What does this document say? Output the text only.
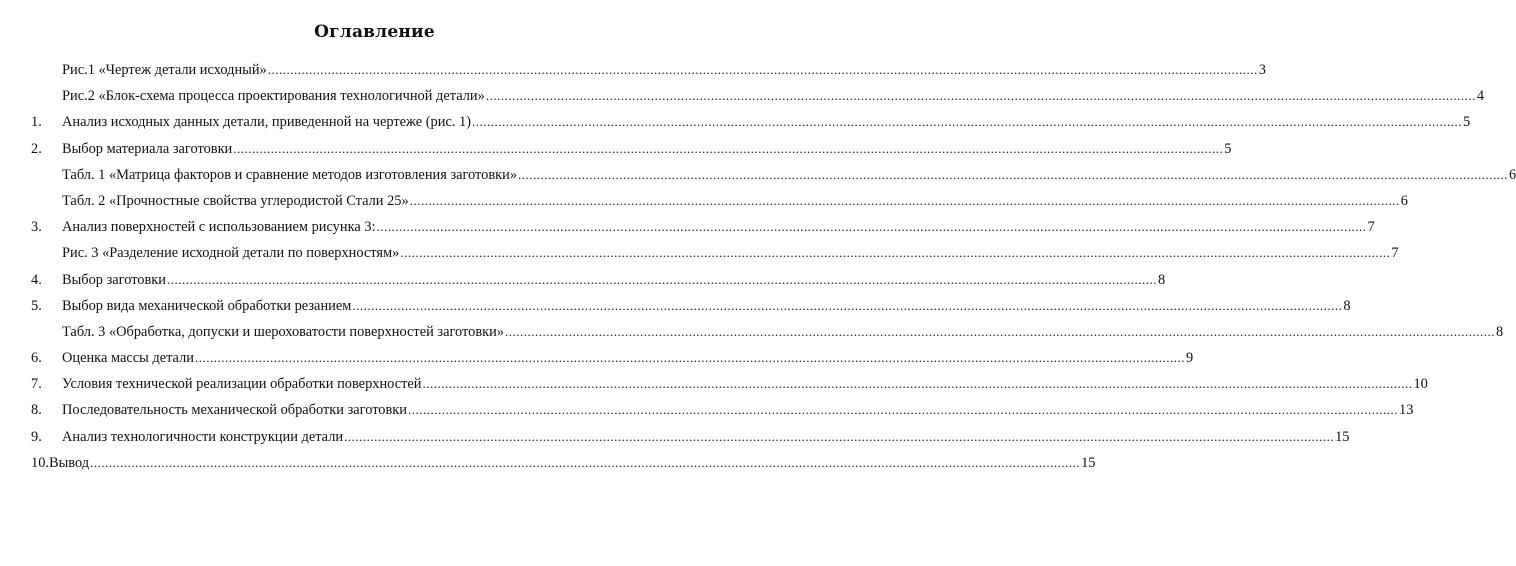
Оглавление
Рис.1 «Чертеж детали исходный» .....	3
Рис.2 «Блок-схема процесса проектирования технологичной детали» .....	4
1.	Анализ исходных данных детали, приведенной на чертеже (рис. 1) .....	5
2.	Выбор материала заготовки .....	5
Табл. 1 «Матрица факторов и сравнение методов изготовления заготовки» .....	6
Табл. 2 «Прочностные свойства углеродистой Стали 25» .....	6
3.	Анализ поверхностей с использованием рисунка 3: .....	7
Рис. 3 «Разделение исходной детали по поверхностям» .....	7
4.	Выбор заготовки .....	8
5.	Выбор вида механической обработки резанием .....	8
Табл. 3 «Обработка, допуски и шероховатости поверхностей заготовки» .....	8
6.	Оценка массы детали .....	9
7.	Условия технической реализации обработки поверхностей .....	10
8.	Последовательность механической обработки заготовки .....	13
9.	Анализ технологичности конструкции детали .....	15
10. Вывод .....	15
